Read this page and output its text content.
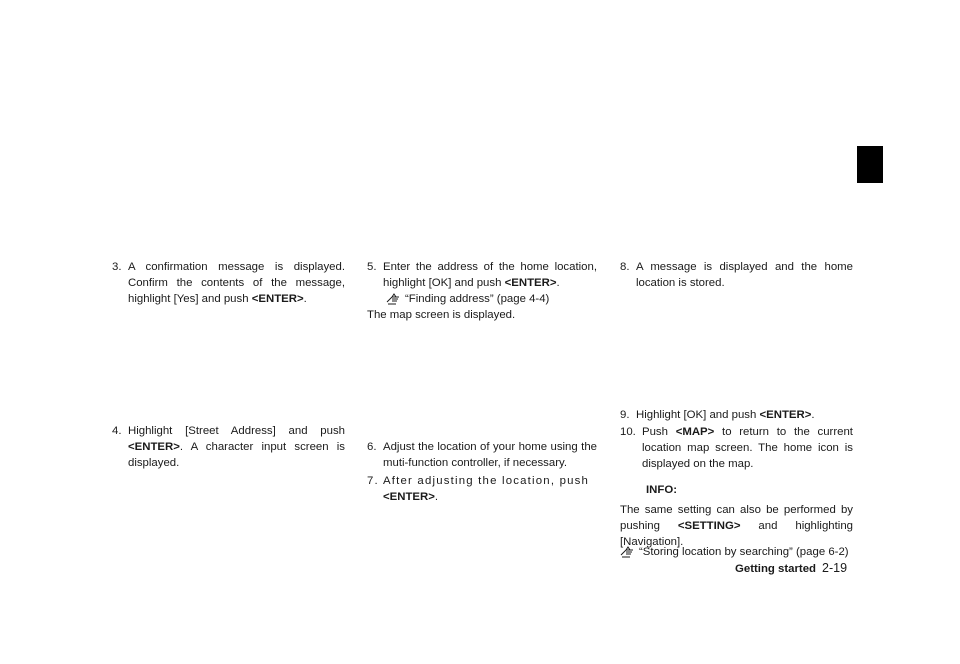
3. A confirmation message is displayed. Confirm the contents of the message, highlight [Yes] and push <ENTER>.
4. Highlight [Street Address] and push <ENTER>. A character input screen is displayed.
5. Enter the address of the home location, highlight [OK] and push <ENTER>.
“Finding address” (page 4-4)
The map screen is displayed.
6. Adjust the location of your home using the muti-function controller, if necessary.
7. After adjusting the location, push <ENTER>.
8. A message is displayed and the home location is stored.
9. Highlight [OK] and push <ENTER>.
10. Push <MAP> to return to the current location map screen. The home icon is displayed on the map.
INFO:
The same setting can also be performed by pushing <SETTING> and highlighting [Navigation].
“Storing location by searching” (page 6-2)
Getting started 2-19
